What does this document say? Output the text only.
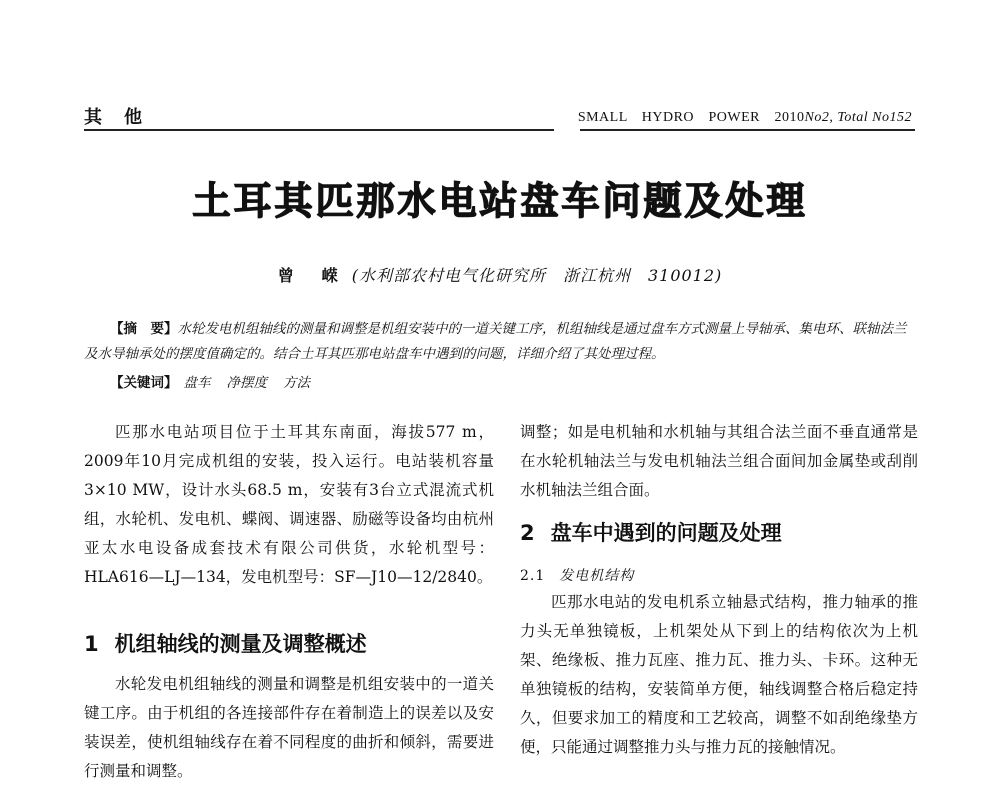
其　他	SMALL　HYDRO　POWER　2010No2, Total No152
土耳其匹那水电站盘车问题及处理
曾　嵘 (水利部农村电气化研究所　浙江杭州　310012)
【摘　要】水轮发电机组轴线的测量和调整是机组安装中的一道关键工序，机组轴线是通过盘车方式测量上导轴承、集电环、联轴法兰及水导轴承处的摆度值确定的。结合土耳其匹那电站盘车中遇到的问题，详细介绍了其处理过程。
【关键词】 盘车 净摆度 方法

匹那水电站项目位于土耳其东南面，海拔577 m，2009年10月完成机组的安装，投入运行。电站装机容量3×10 MW，设计水头68.5 m，安装有3台立式混流式机组，水轮机、发电机、蝶阀、调速器、励磁等设备均由杭州亚太水电设备成套技术有限公司供货，水轮机型号：HLA616—LJ—134，发电机型号：SF—J10—12/2840。

1 机组轴线的测量及调整概述

水轮发电机组轴线的测量和调整是机组安装中的一道关键工序。由于机组的各连接部件存在着制造上的误差以及安装误差，使机组轴线存在着不同程度的曲折和倾斜，需要进行测量和调整。

调整；如是电机轴和水机轴与其组合法兰面不垂直通常是在水轮机轴法兰与发电机轴法兰组合面间加金属垫或刮削水机轴法兰组合面。

2 盘车中遇到的问题及处理
2.1 发电机结构

匹那水电站的发电机系立轴悬式结构，推力轴承的推力头无单独镜板，上机架处从下到上的结构依次为上机架、绝缘板、推力瓦座、推力瓦、推力头、卡环。这种无单独镜板的结构，安装简单方便，轴线调整合格后稳定持久，但要求加工的精度和工艺较高，调整不如刮绝缘垫方便，只能通过调整推力头与推力瓦的接触情况。
